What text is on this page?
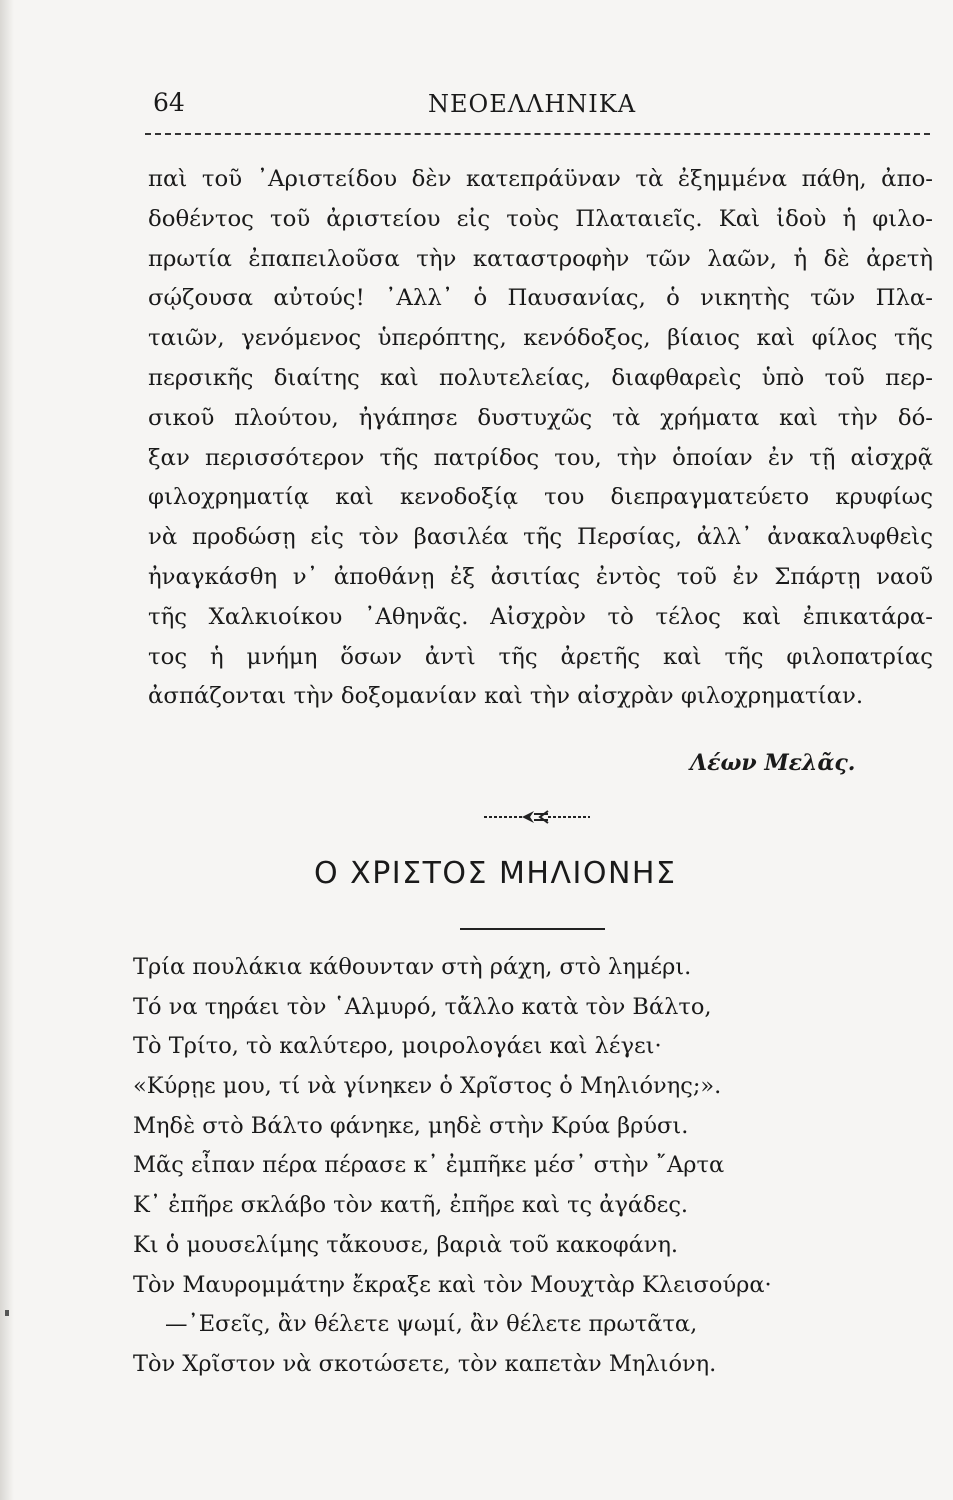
64	ΝΕΟΕΛΛΗΝΙΚΑ
παὶ τοῦ ᾿Αριστείδου δὲν κατεπράϋναν τὰ ἐξημμένα πάθη, ἀπο-
δοθέντος τοῦ ἀριστείου εἰς τοὺς Πλαταιεῖς. Καὶ ἰδοὺ ἡ φιλο-
πρωτία ἐπαπειλοῦσα τὴν καταστροφὴν τῶν λαῶν, ἡ δὲ ἀρετὴ
σῴζουσα αὐτούς! ᾿Αλλ᾿ ὁ Παυσανίας, ὁ νικητὴς τῶν Πλα-
ταιῶν, γενόμενος ὑπερόπτης, κενόδοξος, βίαιος καὶ φίλος τῆς
περσικῆς διαίτης καὶ πολυτελείας, διαφθαρεὶς ὑπὸ τοῦ περ-
σικοῦ πλούτου, ἠγάπησε δυστυχῶς τὰ χρήματα καὶ τὴν δό-
ξαν περισσότερον τῆς πατρίδος του, τὴν ὁποίαν ἐν τῇ αἰσχρᾷ
φιλοχρηματίᾳ καὶ κενοδοξίᾳ του διεπραγματεύετο κρυφίως
νὰ προδώσῃ εἰς τὸν βασιλέα τῆς Περσίας, ἀλλ᾿ ἀνακαλυφθεὶς
ἠναγκάσθη ν᾿ ἀποθάνῃ ἐξ ἀσιτίας ἐντὸς τοῦ ἐν Σπάρτῃ ναοῦ
τῆς Χαλκιοίκου ᾿Αθηνᾶς. Αἰσχρὸν τὸ τέλος καὶ ἐπικατάρα-
τος ἡ μνήμη ὅσων ἀντὶ τῆς ἀρετῆς καὶ τῆς φιλοπατρίας
ἀσπάζονται τὴν δοξομανίαν καὶ τὴν αἰσχρὰν φιλοχρηματίαν.
Λέων Μελᾶς.
Ο ΧΡΙΣΤΟΣ ΜΗΛΙΟΝΗΣ
Τρία πουλάκια κάθουνταν στὴ ράχη, στὸ λημέρι.
Τό να τηράει τὸν ῾Αλμυρό, τἄλλο κατὰ τὸν Βάλτο,
Τὸ Τρίτο, τὸ καλύτερο, μοιρολογάει καὶ λέγει·
«Κύρῃε μου, τί νὰ γίνηκεν ὁ Χρῖστος ὁ Μηλιόνης;».
Μηδὲ στὸ Βάλτο φάνηκε, μηδὲ στὴν Κρύα βρύσι.
Μᾶς εἶπαν πέρα πέρασε κ᾿ ἐμπῆκε μέσ᾿ στὴν ῎Αρτα
Κ᾿ ἐπῆρε σκλάβο τὸν κατῆ, ἐπῆρε καὶ τς ἀγάδες.
Κι ὁ μουσελίμης τἄκουσε, βαριὰ τοῦ κακοφάνη.
Τὸν Μαυρομμάτην ἔκραξε καὶ τὸν Μουχτὰρ Κλεισούρα·
—᾿Εσεῖς, ἂν θέλετε ψωμί, ἂν θέλετε πρωτᾶτα,
Τὸν Χρῖστον νὰ σκοτώσετε, τὸν καπετὰν Μηλιόνη.
